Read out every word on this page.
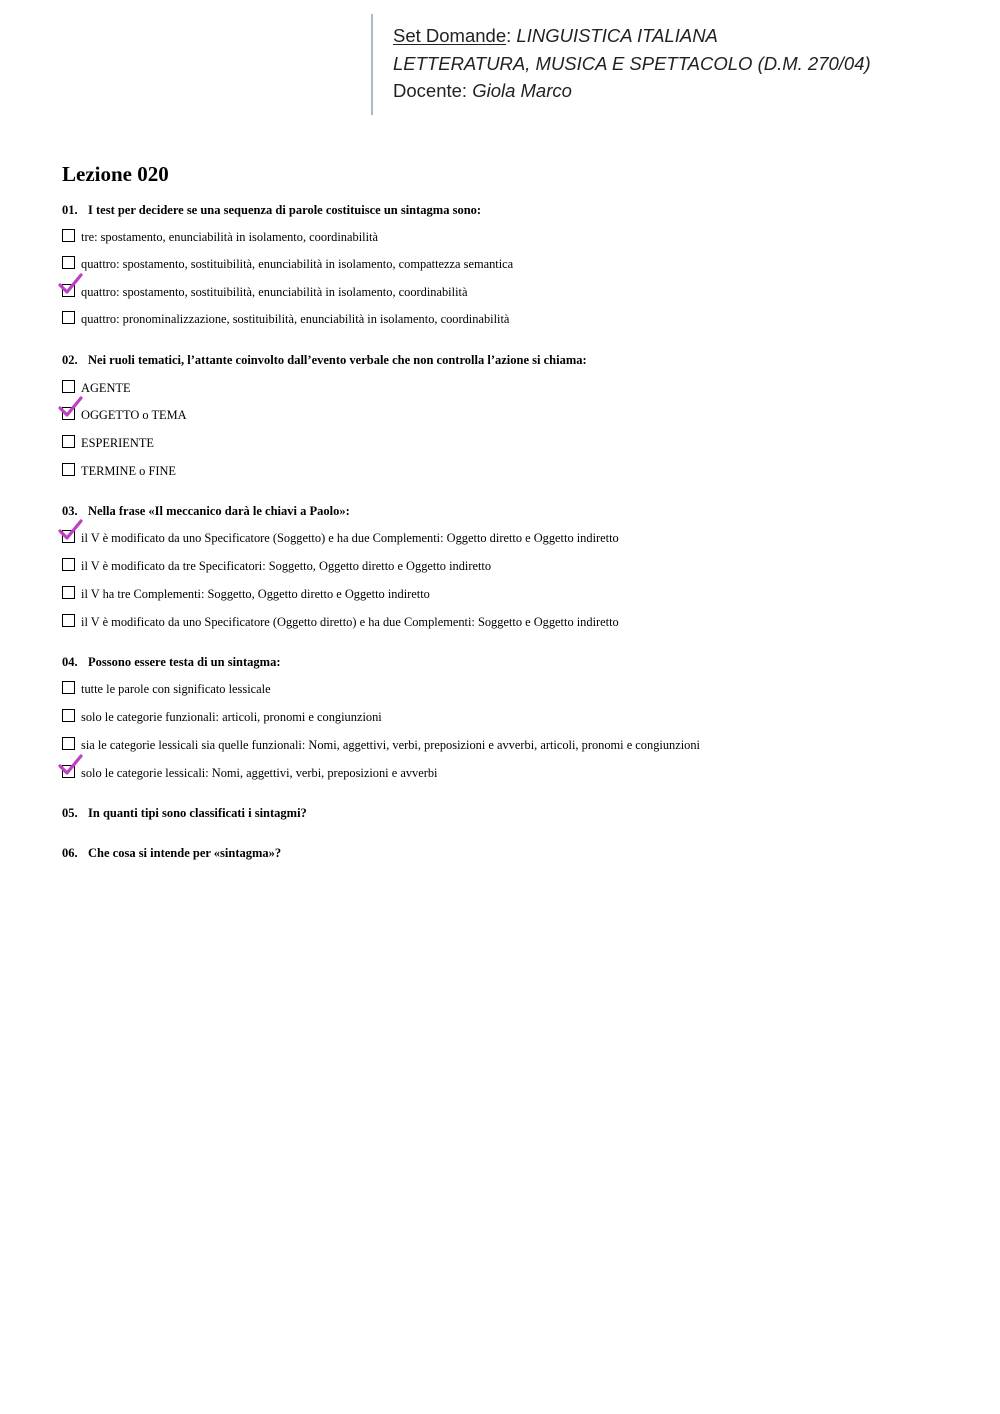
Set Domande: LINGUISTICA ITALIANA
LETTERATURA, MUSICA E SPETTACOLO (D.M. 270/04)
Docente: Giola Marco
Lezione 020
01. I test per decidere se una sequenza di parole costituisce un sintagma sono:
tre: spostamento, enunciabilità in isolamento, coordinabilità
quattro: spostamento, sostituibilità, enunciabilità in isolamento, compattezza semantica
quattro: spostamento, sostituibilità, enunciabilità in isolamento, coordinabilità
quattro: pronominalizzazione, sostituibilità, enunciabilità in isolamento, coordinabilità
02. Nei ruoli tematici, l’attante coinvolto dall’evento verbale che non controlla l’azione si chiama:
AGENTE
OGGETTO o TEMA
ESPERIENTE
TERMINE o FINE
03. Nella frase «Il meccanico darà le chiavi a Paolo»:
il V è modificato da uno Specificatore (Soggetto) e ha due Complementi: Oggetto diretto e Oggetto indiretto
il V è modificato da tre Specificatori: Soggetto, Oggetto diretto e Oggetto indiretto
il V ha tre Complementi: Soggetto, Oggetto diretto e Oggetto indiretto
il V è modificato da uno Specificatore (Oggetto diretto) e ha due Complementi: Soggetto e Oggetto indiretto
04. Possono essere testa di un sintagma:
tutte le parole con significato lessicale
solo le categorie funzionali: articoli, pronomi e congiunzioni
sia le categorie lessicali sia quelle funzionali: Nomi, aggettivi, verbi, preposizioni e avverbi, articoli, pronomi e congiunzioni
solo le categorie lessicali: Nomi, aggettivi, verbi, preposizioni e avverbi
05. In quanti tipi sono classificati i sintagmi?
06. Che cosa si intende per «sintagma»?
